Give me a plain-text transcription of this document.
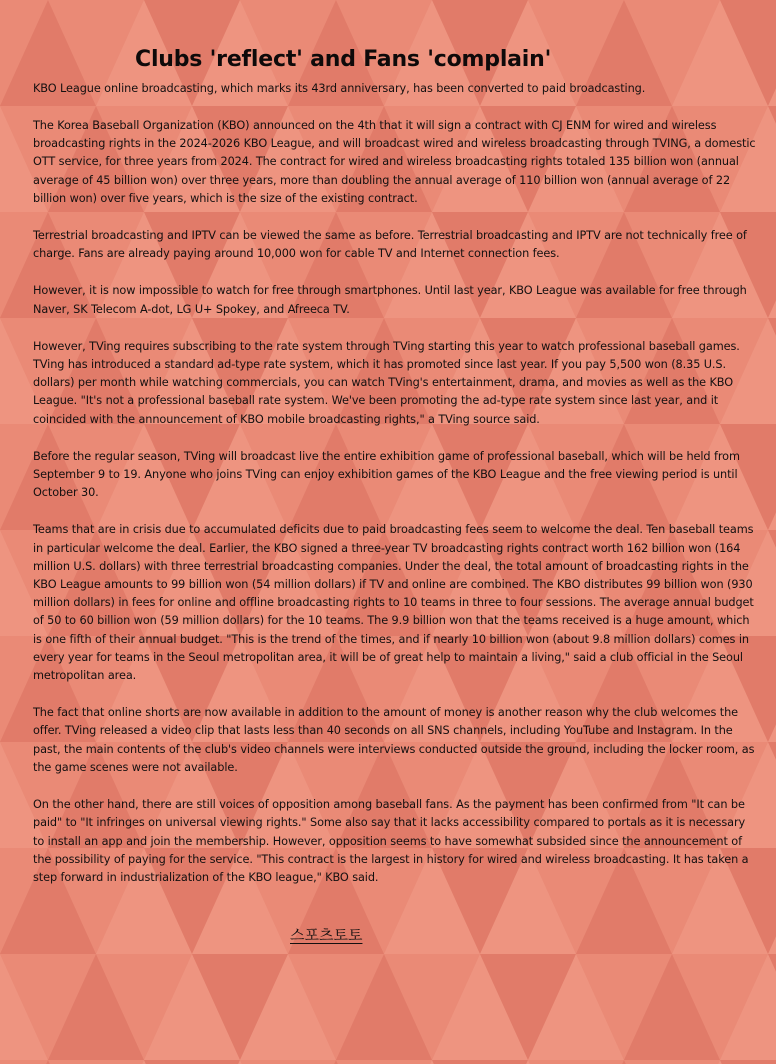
Clubs 'reflect' and Fans 'complain'

KBO League online broadcasting, which marks its 43rd anniversary, has been converted to paid broadcasting.

The Korea Baseball Organization (KBO) announced on the 4th that it will sign a contract with CJ ENM for wired and wireless broadcasting rights in the 2024-2026 KBO League, and will broadcast wired and wireless broadcasting through TVING, a domestic OTT service, for three years from 2024. The contract for wired and wireless broadcasting rights totaled 135 billion won (annual average of 45 billion won) over three years, more than doubling the annual average of 110 billion won (annual average of 22 billion won) over five years, which is the size of the existing contract.

Terrestrial broadcasting and IPTV can be viewed the same as before. Terrestrial broadcasting and IPTV are not technically free of charge. Fans are already paying around 10,000 won for cable TV and Internet connection fees.

However, it is now impossible to watch for free through smartphones. Until last year, KBO League was available for free through Naver, SK Telecom A-dot, LG U+ Spokey, and Afreeca TV.

However, TVing requires subscribing to the rate system through TVing starting this year to watch professional baseball games. TVing has introduced a standard ad-type rate system, which it has promoted since last year. If you pay 5,500 won (8.35 U.S. dollars) per month while watching commercials, you can watch TVing's entertainment, drama, and movies as well as the KBO League. "It's not a professional baseball rate system. We've been promoting the ad-type rate system since last year, and it coincided with the announcement of KBO mobile broadcasting rights," a TVing source said.

Before the regular season, TVing will broadcast live the entire exhibition game of professional baseball, which will be held from September 9 to 19. Anyone who joins TVing can enjoy exhibition games of the KBO League and the free viewing period is until October 30.

Teams that are in crisis due to accumulated deficits due to paid broadcasting fees seem to welcome the deal. Ten baseball teams in particular welcome the deal. Earlier, the KBO signed a three-year TV broadcasting rights contract worth 162 billion won (164 million U.S. dollars) with three terrestrial broadcasting companies. Under the deal, the total amount of broadcasting rights in the KBO League amounts to 99 billion won (54 million dollars) if TV and online are combined. The KBO distributes 99 billion won (930 million dollars) in fees for online and offline broadcasting rights to 10 teams in three to four sessions. The average annual budget of 50 to 60 billion won (59 million dollars) for the 10 teams. The 9.9 billion won that the teams received is a huge amount, which is one fifth of their annual budget. "This is the trend of the times, and if nearly 10 billion won (about 9.8 million dollars) comes in every year for teams in the Seoul metropolitan area, it will be of great help to maintain a living," said a club official in the Seoul metropolitan area.

The fact that online shorts are now available in addition to the amount of money is another reason why the club welcomes the offer. TVing released a video clip that lasts less than 40 seconds on all SNS channels, including YouTube and Instagram. In the past, the main contents of the club's video channels were interviews conducted outside the ground, including the locker room, as the game scenes were not available.

On the other hand, there are still voices of opposition among baseball fans. As the payment has been confirmed from "It can be paid" to "It infringes on universal viewing rights." Some also say that it lacks accessibility compared to portals as it is necessary to install an app and join the membership. However, opposition seems to have somewhat subsided since the announcement of the possibility of paying for the service. "This contract is the largest in history for wired and wireless broadcasting. It has taken a step forward in industrialization of the KBO league," KBO said.

스포츠토토
